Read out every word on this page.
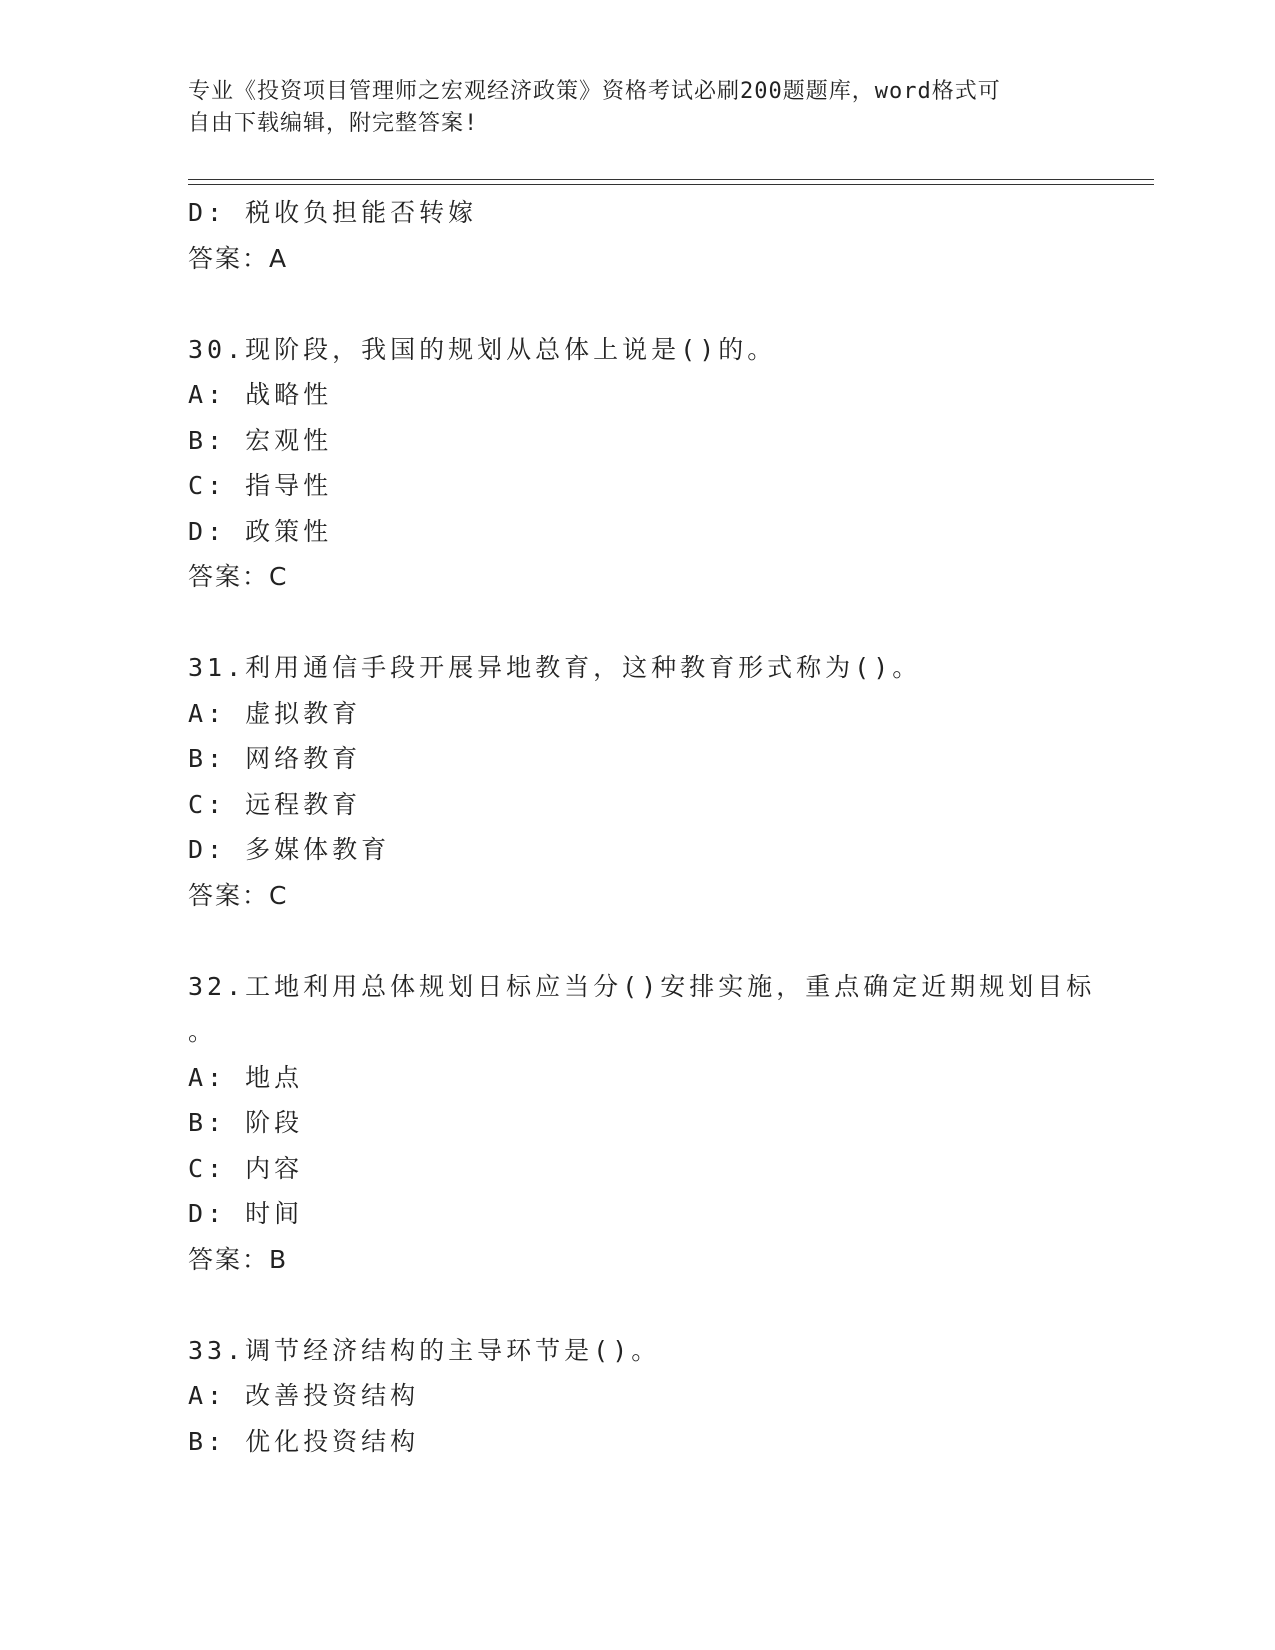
专业《投资项目管理师之宏观经济政策》资格考试必刷200题题库，word格式可
自由下载编辑，附完整答案!
D: 税收负担能否转嫁
答案：A
30.现阶段，我国的规划从总体上说是()的。
A: 战略性
B: 宏观性
C: 指导性
D: 政策性
答案：C
31.利用通信手段开展异地教育，这种教育形式称为()。
A: 虚拟教育
B: 网络教育
C: 远程教育
D: 多媒体教育
答案：C
32.工地利用总体规划日标应当分()安排实施，重点确定近期规划目标
。
A: 地点
B: 阶段
C: 内容
D: 时间
答案：B
33.调节经济结构的主导环节是()。
A: 改善投资结构
B: 优化投资结构
